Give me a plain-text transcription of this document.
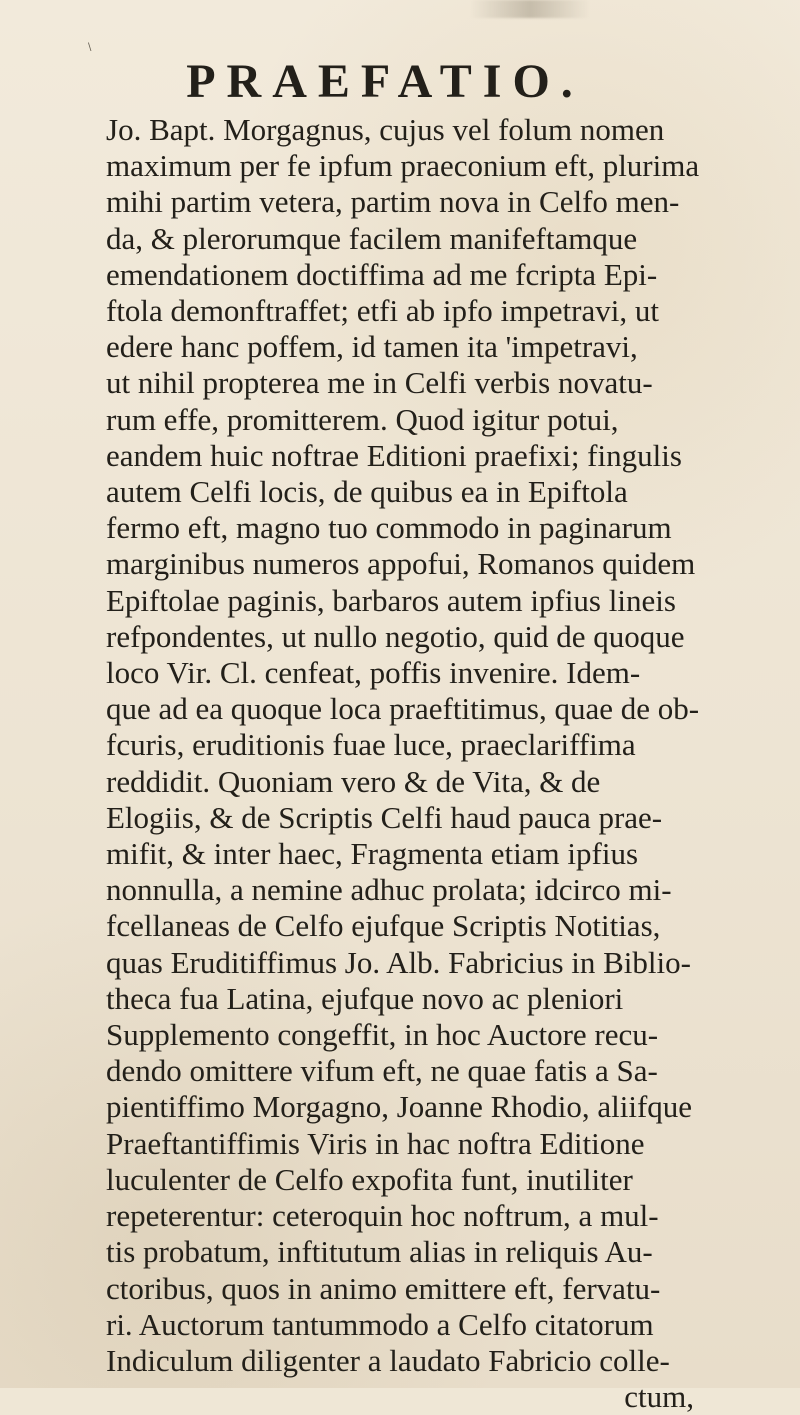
\
PRAEFATIO.
Jo. Bapt. Morgagnus, cujus vel folum nomen
maximum per fe ipfum praeconium eft, plurima
mihi partim vetera, partim nova in Celfo men-
da, & plerorumque facilem manifeftamque
emendationem doctiffima ad me fcripta Epi-
ftola demonftraffet; etfi ab ipfo impetravi, ut
edere hanc poffem, id tamen ita 'impetravi,
ut nihil propterea me in Celfi verbis novatu-
rum effe, promitterem. Quod igitur potui,
eandem huic noftrae Editioni praefixi; fingulis
autem Celfi locis, de quibus ea in Epiftola
fermo eft, magno tuo commodo in paginarum
marginibus numeros appofui, Romanos quidem
Epiftolae paginis, barbaros autem ipfius lineis
refpondentes, ut nullo negotio, quid de quoque
loco Vir. Cl. cenfeat, poffis invenire. Idem-
que ad ea quoque loca praeftitimus, quae de ob-
fcuris, eruditionis fuae luce, praeclariffima
reddidit. Quoniam vero & de Vita, & de
Elogiis, & de Scriptis Celfi haud pauca prae-
mifit, & inter haec, Fragmenta etiam ipfius
nonnulla, a nemine adhuc prolata; idcirco mi-
fcellaneas de Celfo ejufque Scriptis Notitias,
quas Eruditiffimus Jo. Alb. Fabricius in Biblio-
theca fua Latina, ejufque novo ac pleniori
Supplemento congeffit, in hoc Auctore recu-
dendo omittere vifum eft, ne quae fatis a Sa-
pientiffimo Morgagno, Joanne Rhodio, aliifque
Praeftantiffimis Viris in hac noftra Editione
luculenter de Celfo expofita funt, inutiliter
repeterentur: ceteroquin hoc noftrum, a mul-
tis probatum, inftitutum alias in reliquis Au-
ctoribus, quos in animo emittere eft, fervatu-
ri. Auctorum tantummodo a Celfo citatorum
Indiculum diligenter a laudato Fabricio colle-
ctum,
